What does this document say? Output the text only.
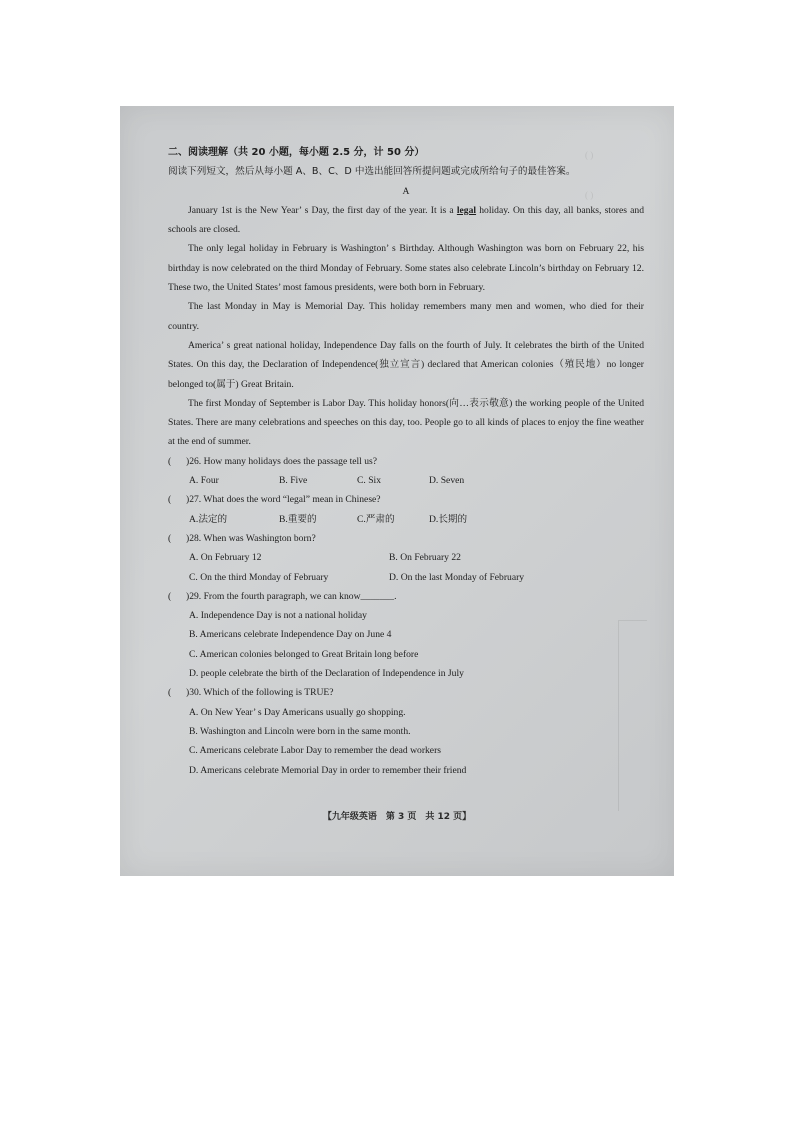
( )
( )

二、阅读理解（共 20 小题，每小题 2.5 分，计 50 分）

阅读下列短文，然后从每小题 A、B、C、D 中选出能回答所提问题或完成所给句子的最佳答案。

A

January 1st is the New Year’ s Day, the first day of the year. It is a legal holiday. On this day, all banks, stores and schools are closed.

The only legal holiday in February is Washington’ s Birthday. Although Washington was born on February 22, his birthday is now celebrated on the third Monday of February. Some states also celebrate Lincoln’s birthday on February 12. These two, the United States’ most famous presidents, were both born in February.

The last Monday in May is Memorial Day. This holiday remembers many men and women, who died for their country.

America’ s great national holiday, Independence Day falls on the fourth of July. It celebrates the birth of the United States. On this day, the Declaration of Independence(独立宣言) declared that American colonies（殖民地）no longer belonged to(属于) Great Britain.

The first Monday of September is Labor Day. This holiday honors(向…表示敬意) the working people of the United States. There are many celebrations and speeches on this day, too. People go to all kinds of places to enjoy the fine weather at the end of summer.

(	)26. How many holidays does the passage tell us?
A. Four	B. Five	C. Six	D. Seven
(	)27. What does the word “legal” mean in Chinese?
A.法定的	B.重要的	C.严肃的	D.长期的
(	)28. When was Washington born?
A. On February 12	B. On February 22
C. On the third Monday of February	D. On the last Monday of February
(	)29. From the fourth paragraph, we can know_______.
A. Independence Day is not a national holiday
B. Americans celebrate Independence Day on June 4
C. American colonies belonged to Great Britain long before
D. people celebrate the birth of the Declaration of Independence in July
(	)30. Which of the following is TRUE?
A. On New Year’ s Day Americans usually go shopping.
B. Washington and Lincoln were born in the same month.
C. Americans celebrate Labor Day to remember the dead workers
D. Americans celebrate Memorial Day in order to remember their friend
【九年级英语　第 3 页　共 12 页】
